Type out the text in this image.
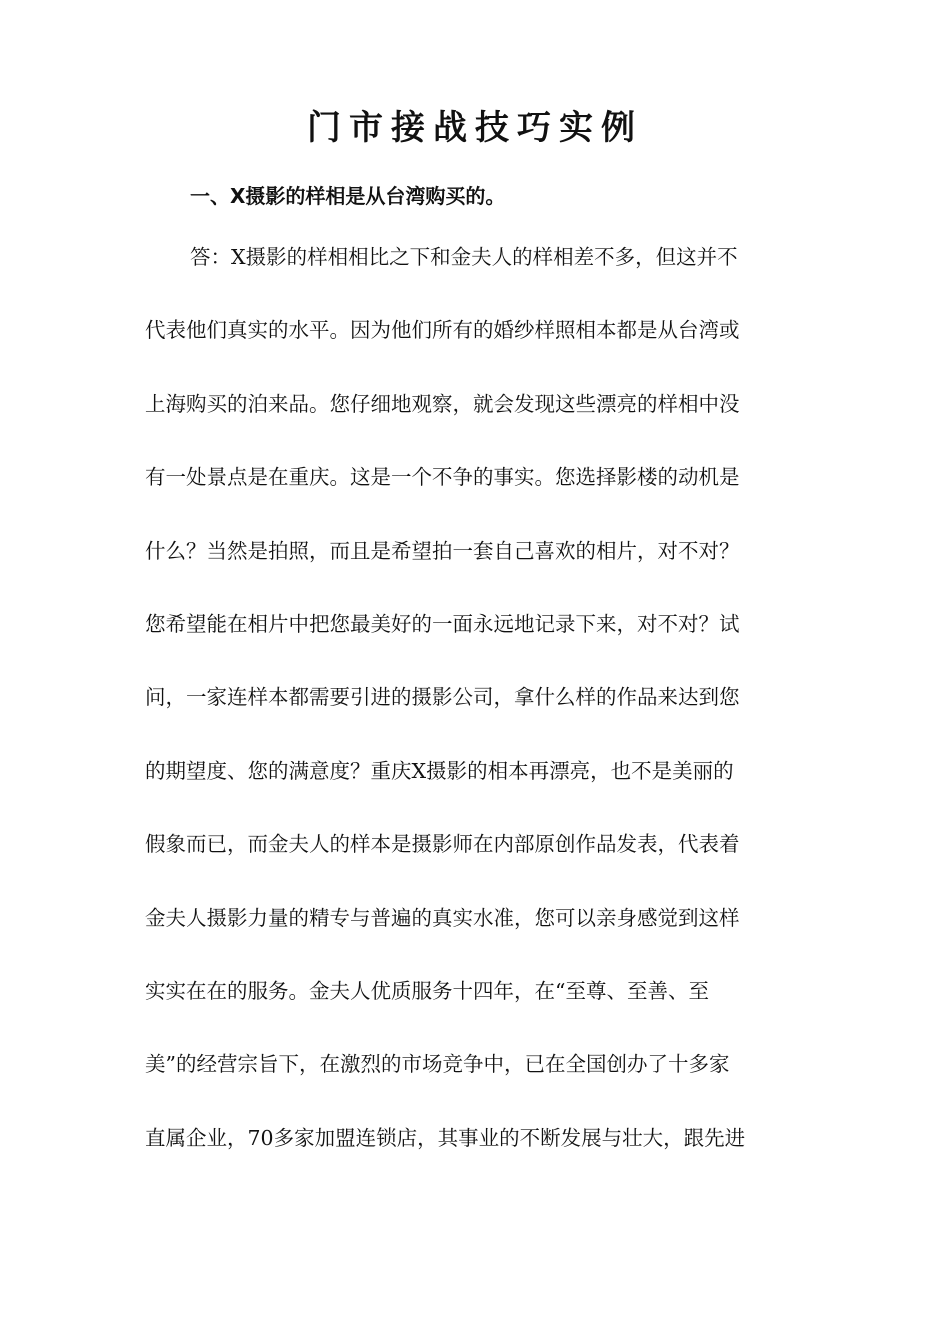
门市接战技巧实例
一、X摄影的样相是从台湾购买的。
答：X摄影的样相相比之下和金夫人的样相差不多，但这并不
代表他们真实的水平。因为他们所有的婚纱样照相本都是从台湾或
上海购买的泊来品。您仔细地观察，就会发现这些漂亮的样相中没
有一处景点是在重庆。这是一个不争的事实。您选择影楼的动机是
什么？当然是拍照，而且是希望拍一套自己喜欢的相片，对不对？
您希望能在相片中把您最美好的一面永远地记录下来，对不对？试
问，一家连样本都需要引进的摄影公司，拿什么样的作品来达到您
的期望度、您的满意度？重庆X摄影的相本再漂亮，也不是美丽的
假象而已，而金夫人的样本是摄影师在内部原创作品发表，代表着
金夫人摄影力量的精专与普遍的真实水准，您可以亲身感觉到这样
实实在在的服务。金夫人优质服务十四年，在“至尊、至善、至
美”的经营宗旨下，在激烈的市场竞争中，已在全国创办了十多家
直属企业，70多家加盟连锁店，其事业的不断发展与壮大，跟先进
